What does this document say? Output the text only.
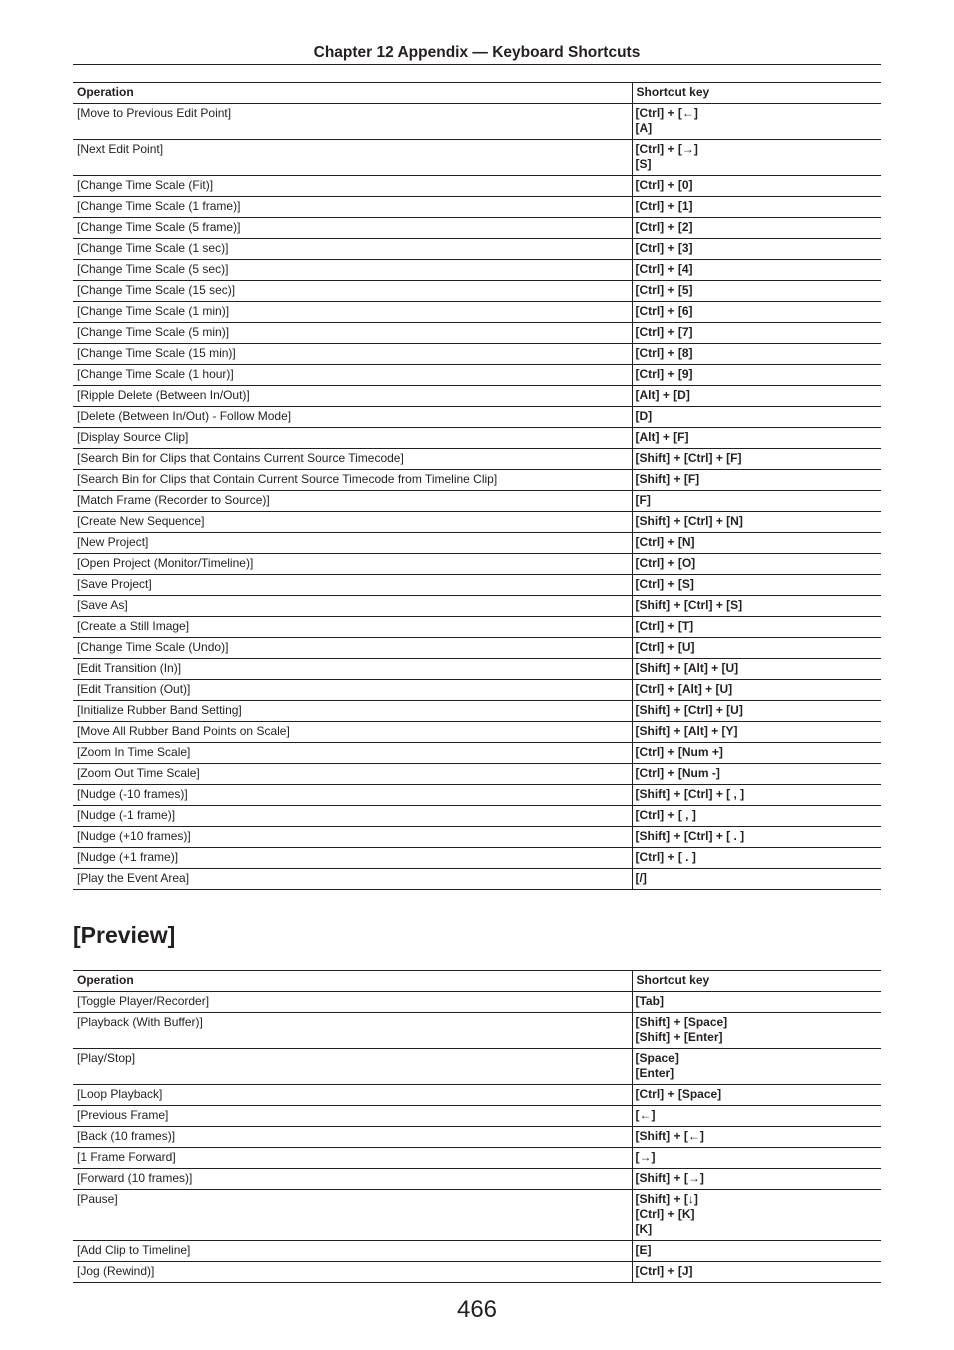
Chapter 12 Appendix — Keyboard Shortcuts
Operation	Shortcut key
[Move to Previous Edit Point]	[Ctrl] + [←]
[A]

[Next Edit Point]	[Ctrl] + [→]
[S]

[Change Time Scale (Fit)]	[Ctrl] + [0]

[Change Time Scale (1 frame)]	[Ctrl] + [1]

[Change Time Scale (5 frame)]	[Ctrl] + [2]

[Change Time Scale (1 sec)]	[Ctrl] + [3]

[Change Time Scale (5 sec)]	[Ctrl] + [4]

[Change Time Scale (15 sec)]	[Ctrl] + [5]

[Change Time Scale (1 min)]	[Ctrl] + [6]

[Change Time Scale (5 min)]	[Ctrl] + [7]

[Change Time Scale (15 min)]	[Ctrl] + [8]

[Change Time Scale (1 hour)]	[Ctrl] + [9]

[Ripple Delete (Between In/Out)]	[Alt] + [D]

[Delete (Between In/Out) - Follow Mode]	[D]

[Display Source Clip]	[Alt] + [F]

[Search Bin for Clips that Contains Current Source Timecode]	[Shift] + [Ctrl] + [F]

[Search Bin for Clips that Contain Current Source Timecode from Timeline Clip]	[Shift] + [F]

[Match Frame (Recorder to Source)]	[F]

[Create New Sequence]	[Shift] + [Ctrl] + [N]

[New Project]	[Ctrl] + [N]

[Open Project (Monitor/Timeline)]	[Ctrl] + [O]

[Save Project]	[Ctrl] + [S]

[Save As]	[Shift] + [Ctrl] + [S]

[Create a Still Image]	[Ctrl] + [T]

[Change Time Scale (Undo)]	[Ctrl] + [U]

[Edit Transition (In)]	[Shift] + [Alt] + [U]

[Edit Transition (Out)]	[Ctrl] + [Alt] + [U]

[Initialize Rubber Band Setting]	[Shift] + [Ctrl] + [U]

[Move All Rubber Band Points on Scale]	[Shift] + [Alt] + [Y]

[Zoom In Time Scale]	[Ctrl] + [Num +]

[Zoom Out Time Scale]	[Ctrl] + [Num -]

[Nudge (-10 frames)]	[Shift] + [Ctrl] + [ , ]

[Nudge (-1 frame)]	[Ctrl] + [ , ]

[Nudge (+10 frames)]	[Shift] + [Ctrl] + [ . ]

[Nudge (+1 frame)]	[Ctrl] + [ . ]

[Play the Event Area]	[/]
[Preview]
Operation	Shortcut key
[Toggle Player/Recorder]	[Tab]

[Playback (With Buffer)]	[Shift] + [Space]
[Shift] + [Enter]

[Play/Stop]	[Space]
[Enter]

[Loop Playback]	[Ctrl] + [Space]

[Previous Frame]	[←]

[Back (10 frames)]	[Shift] + [←]

[1 Frame Forward]	[→]

[Forward (10 frames)]	[Shift] + [→]

[Pause]	[Shift] + [↓]
[Ctrl] + [K]
[K]

[Add Clip to Timeline]	[E]

[Jog (Rewind)]	[Ctrl] + [J]
466
